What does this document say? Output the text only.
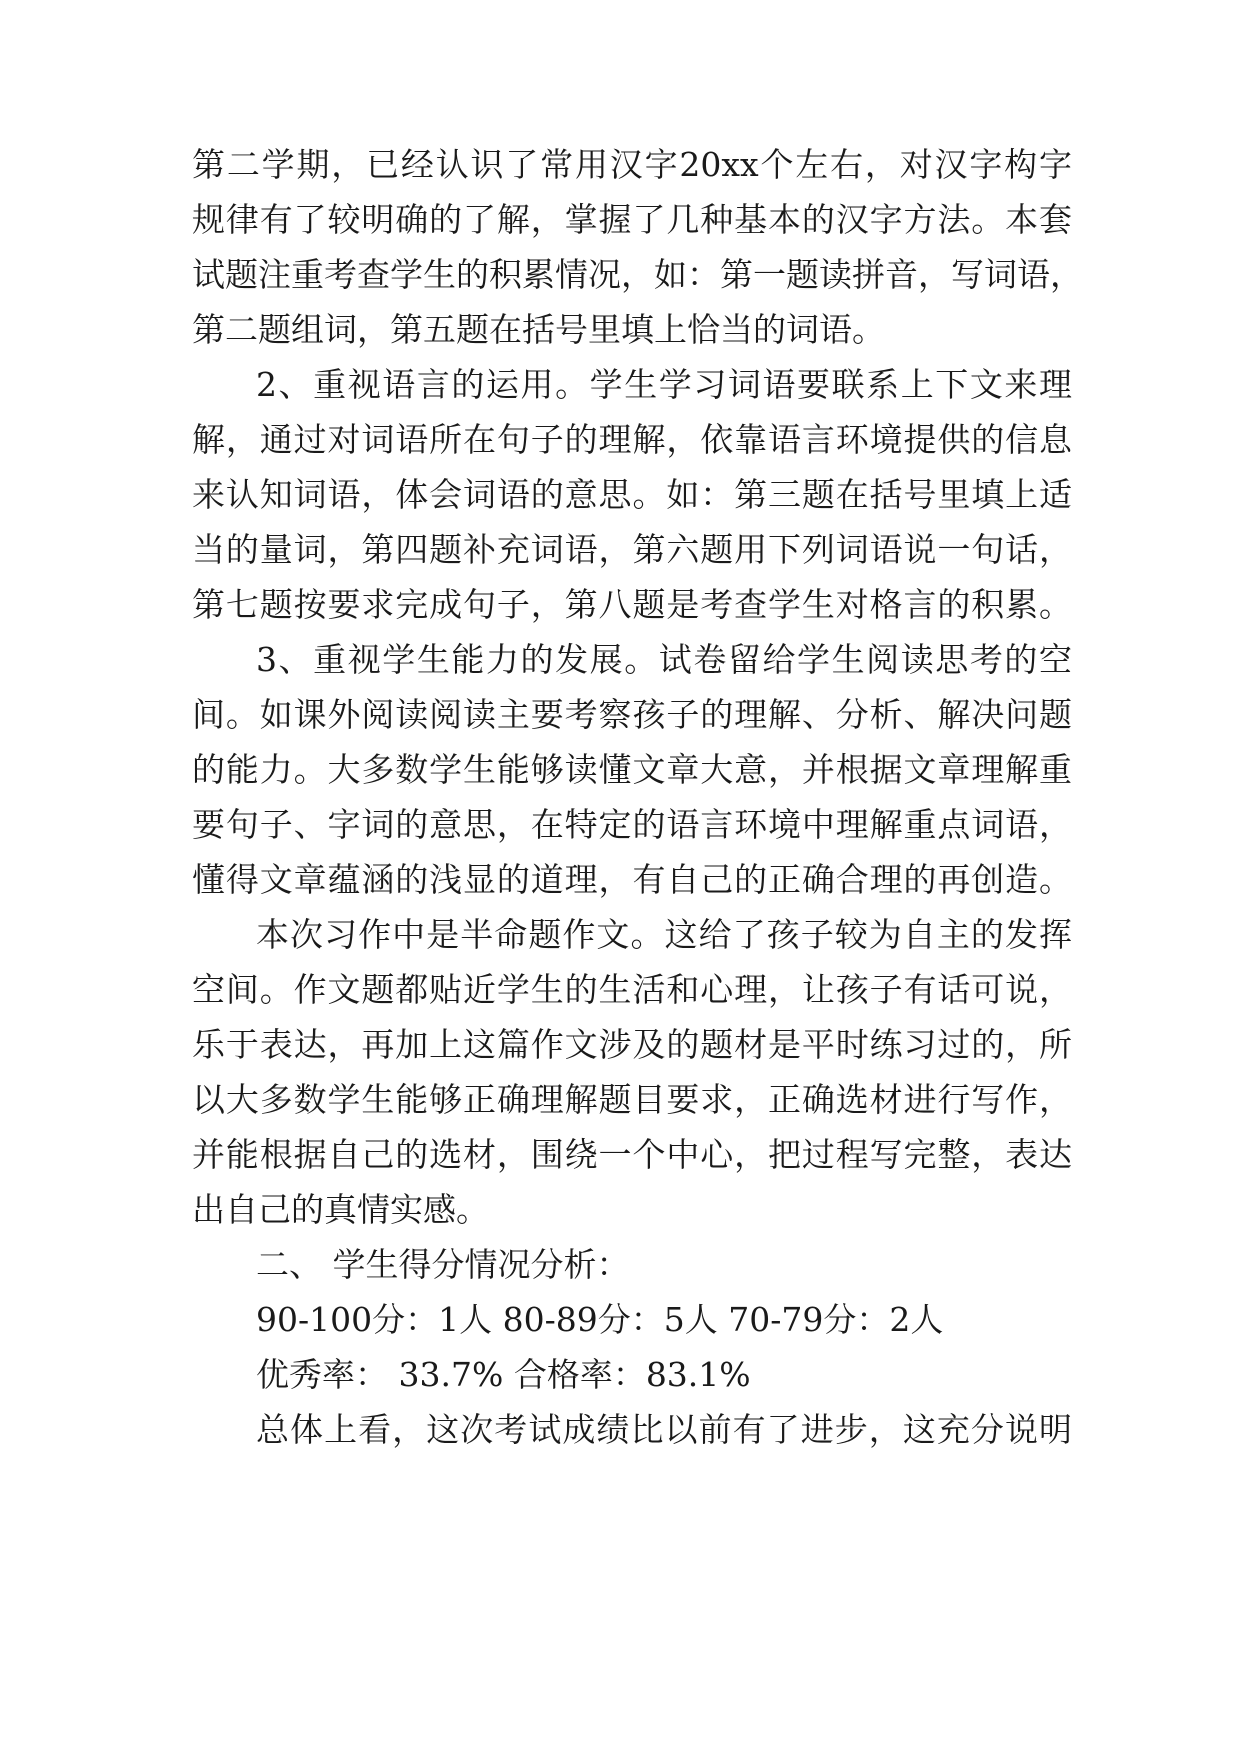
第二学期，已经认识了常用汉字20xx个左右，对汉字构字
规律有了较明确的了解，掌握了几种基本的汉字方法。本套
试题注重考查学生的积累情况，如：第一题读拼音，写词语，
第二题组词，第五题在括号里填上恰当的词语。
2、重视语言的运用。学生学习词语要联系上下文来理
解，通过对词语所在句子的理解，依靠语言环境提供的信息
来认知词语，体会词语的意思。如：第三题在括号里填上适
当的量词，第四题补充词语，第六题用下列词语说一句话，
第七题按要求完成句子，第八题是考查学生对格言的积累。
3、重视学生能力的发展。试卷留给学生阅读思考的空
间。如课外阅读阅读主要考察孩子的理解、分析、解决问题
的能力。大多数学生能够读懂文章大意，并根据文章理解重
要句子、字词的意思，在特定的语言环境中理解重点词语，
懂得文章蕴涵的浅显的道理，有自己的正确合理的再创造。
本次习作中是半命题作文。这给了孩子较为自主的发挥
空间。作文题都贴近学生的生活和心理，让孩子有话可说，
乐于表达，再加上这篇作文涉及的题材是平时练习过的，所
以大多数学生能够正确理解题目要求，正确选材进行写作，
并能根据自己的选材，围绕一个中心，把过程写完整，表达
出自己的真情实感。
二、 学生得分情况分析：
90-100分：1人 80-89分：5人 70-79分：2人
优秀率： 33.7% 合格率：83.1%
总体上看，这次考试成绩比以前有了进步，这充分说明
